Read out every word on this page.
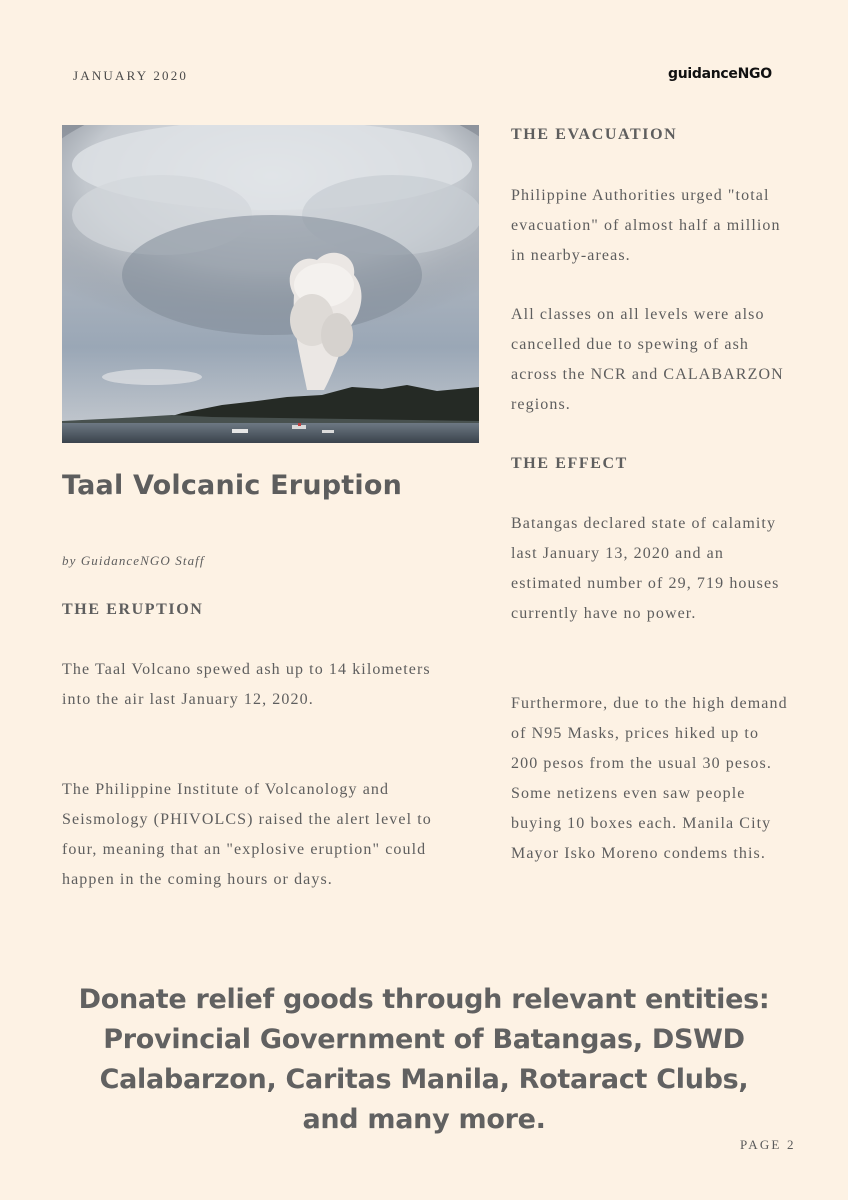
JANUARY 2020	guidanceNGO
Taal Volcanic Eruption
by GuidanceNGO Staff
THE ERUPTION

The Taal Volcano spewed ash up to 14 kilometers into the air last January 12, 2020.

The Philippine Institute of Volcanology and Seismology (PHIVOLCS) raised the alert level to four, meaning that an "explosive eruption" could happen in the coming hours or days.

THE EVACUATION

Philippine Authorities urged "total evacuation" of almost half a million in nearby-areas.

All classes on all levels were also cancelled due to spewing of ash across the NCR and CALABARZON regions.

THE EFFECT

Batangas declared state of calamity last January 13, 2020 and an estimated number of 29, 719 houses currently have no power.

Furthermore, due to the high demand of N95 Masks, prices hiked up to 200 pesos from the usual 30 pesos. Some netizens even saw people buying 10 boxes each. Manila City Mayor Isko Moreno condems this.

Donate relief goods through relevant entities: Provincial Government of Batangas, DSWD Calabarzon, Caritas Manila, Rotaract Clubs, and many more.
PAGE 2
